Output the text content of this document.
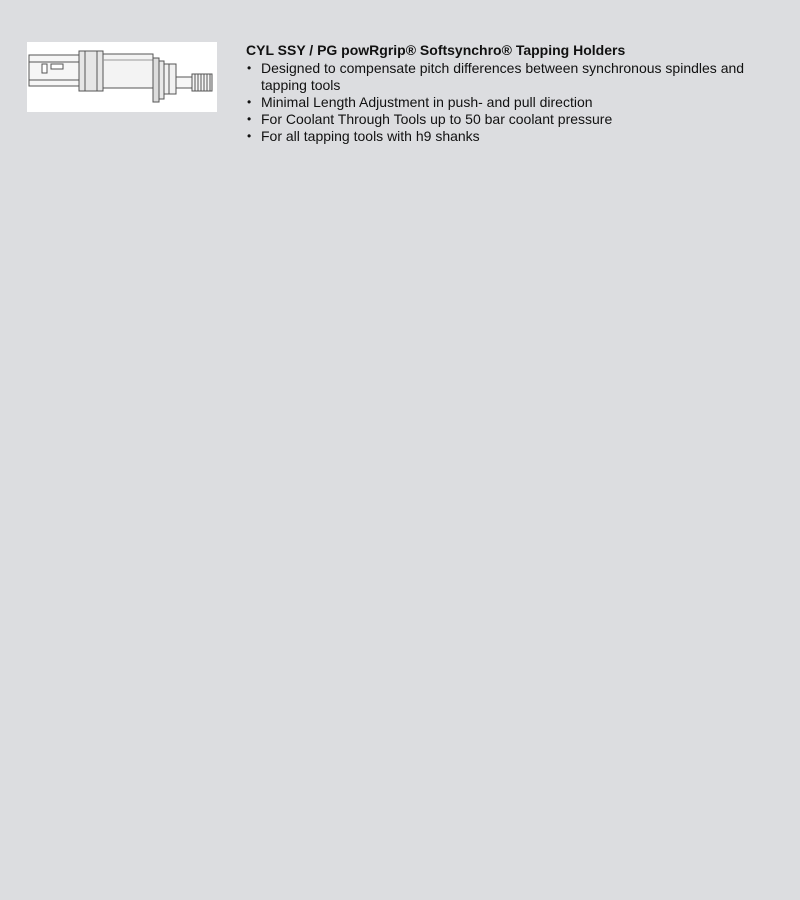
CYL SSY / PG powRgrip® Softsynchro® Tapping Holders
• Designed to compensate pitch differences between synchronous spindles and tapping tools
• Minimal Length Adjustment in push- and pull direction
• For Coolant Through Tools up to 50 bar coolant pressure
• For all tapping tools with h9 shanks
